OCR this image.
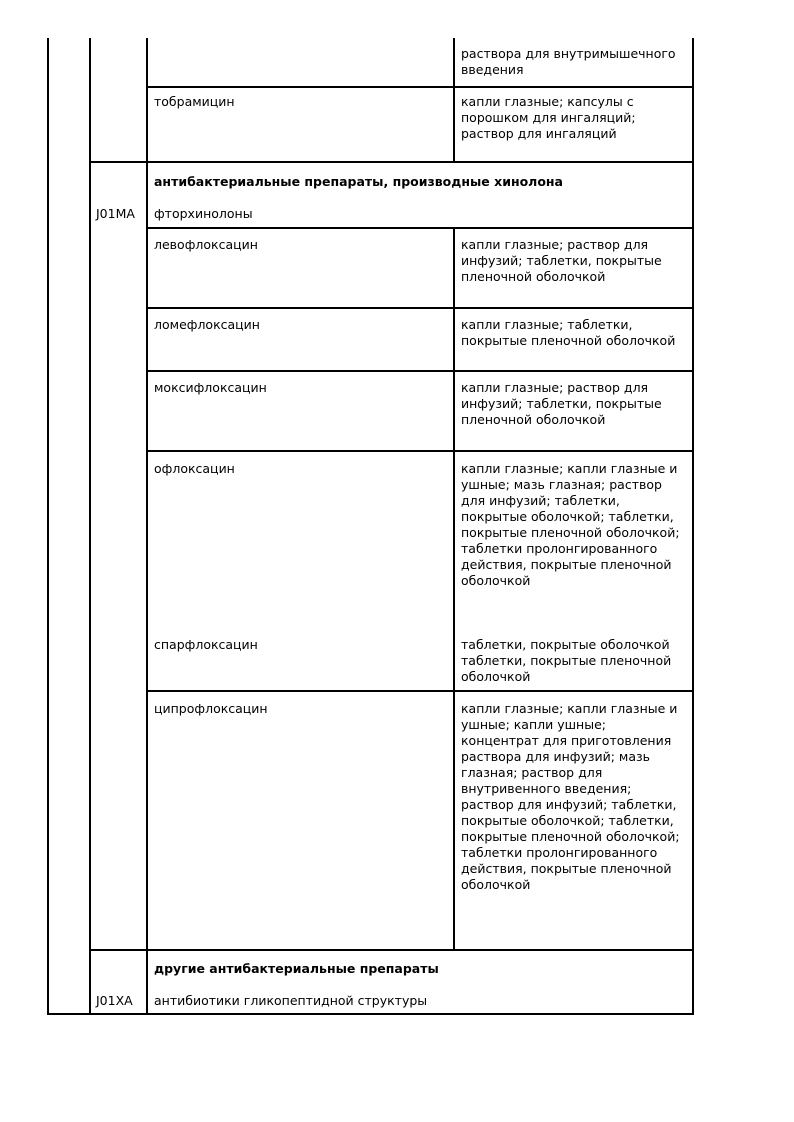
раствора для внутримышечного введения
тобрамицин	капли глазные; капсулы с порошком для ингаляций; раствор для ингаляций
антибактериальные препараты, производные хинолона
J01MA фторхинолоны
левофлоксацин	капли глазные; раствор для инфузий; таблетки, покрытые пленочной оболочкой
ломефлоксацин	капли глазные; таблетки, покрытые пленочной оболочкой
моксифлоксацин	капли глазные; раствор для инфузий; таблетки, покрытые пленочной оболочкой
офлоксацин	капли глазные; капли глазные и ушные; мазь глазная; раствор для инфузий; таблетки, покрытые оболочкой; таблетки, покрытые пленочной оболочкой; таблетки пролонгированного действия, покрытые пленочной оболочкой
спарфлоксацин	таблетки, покрытые оболочкой таблетки, покрытые пленочной оболочкой
ципрофлоксацин	капли глазные; капли глазные и ушные; капли ушные; концентрат для приготовления раствора для инфузий; мазь глазная; раствор для внутривенного введения; раствор для инфузий; таблетки, покрытые оболочкой; таблетки, покрытые пленочной оболочкой; таблетки пролонгированного действия, покрытые пленочной оболочкой
другие антибактериальные препараты
J01XA антибиотики гликопептидной структуры
